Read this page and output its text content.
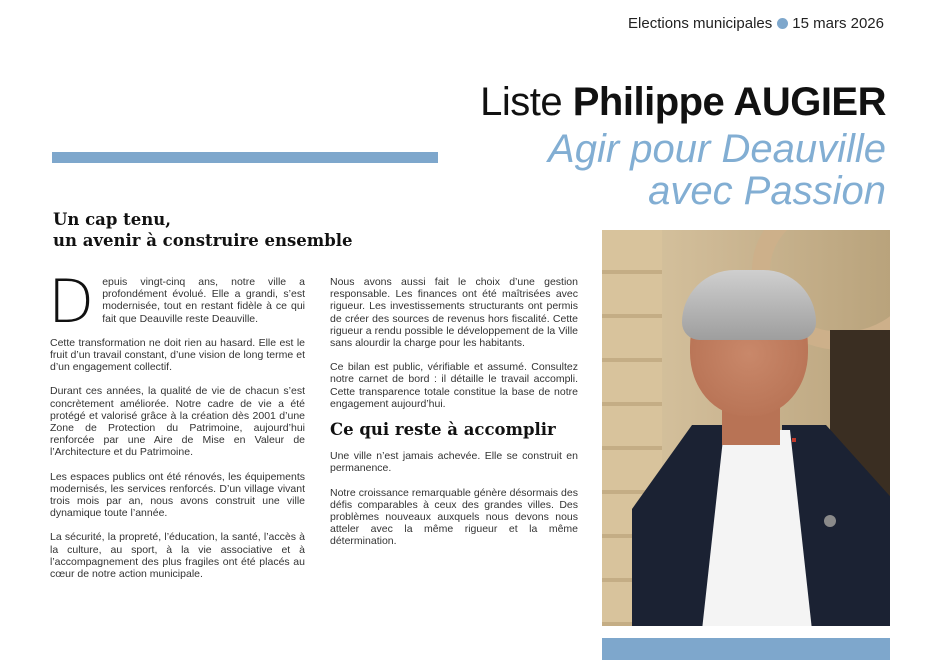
Elections municipales 15 mars 2026
Liste Philippe AUGIER
Agir pour Deauville
avec Passion
Un cap tenu,
un avenir à construire ensemble

D epuis vingt-cinq ans, notre ville a profondément évolué. Elle a grandi, s’est modernisée, tout en restant fidèle à ce qui fait que Deauville reste Deauville.

Cette transformation ne doit rien au hasard. Elle est le fruit d’un travail constant, d’une vision de long terme et d’un engagement collectif.

Durant ces années, la qualité de vie de chacun s’est concrètement améliorée. Notre cadre de vie a été protégé et valorisé grâce à la création dès 2001 d’une Zone de Protection du Patrimoine, aujourd’hui renforcée par une Aire de Mise en Valeur de l’Architecture et du Patrimoine.

Les espaces publics ont été rénovés, les équipements modernisés, les services renforcés. D’un village vivant trois mois par an, nous avons construit une ville dynamique toute l’année.

La sécurité, la propreté, l’éducation, la santé, l’accès à la culture, au sport, à la vie associative et à l’accompagnement des plus fragiles ont été placés au cœur de notre action municipale.

Nous avons aussi fait le choix d’une gestion responsable. Les finances ont été maîtrisées avec rigueur. Les investissements structurants ont permis de créer des sources de revenus hors fiscalité. Cette rigueur a rendu possible le développement de la Ville sans alourdir la charge pour les habitants.

Ce bilan est public, vérifiable et assumé. Consultez notre carnet de bord : il détaille le travail accompli. Cette transparence totale constitue la base de notre engagement aujourd’hui.

Ce qui reste à accomplir

Une ville n’est jamais achevée. Elle se construit en permanence.

Notre croissance remarquable génère désormais des défis comparables à ceux des grandes villes. Des problèmes nouveaux auxquels nous devons nous atteler avec la même rigueur et la même détermination.
